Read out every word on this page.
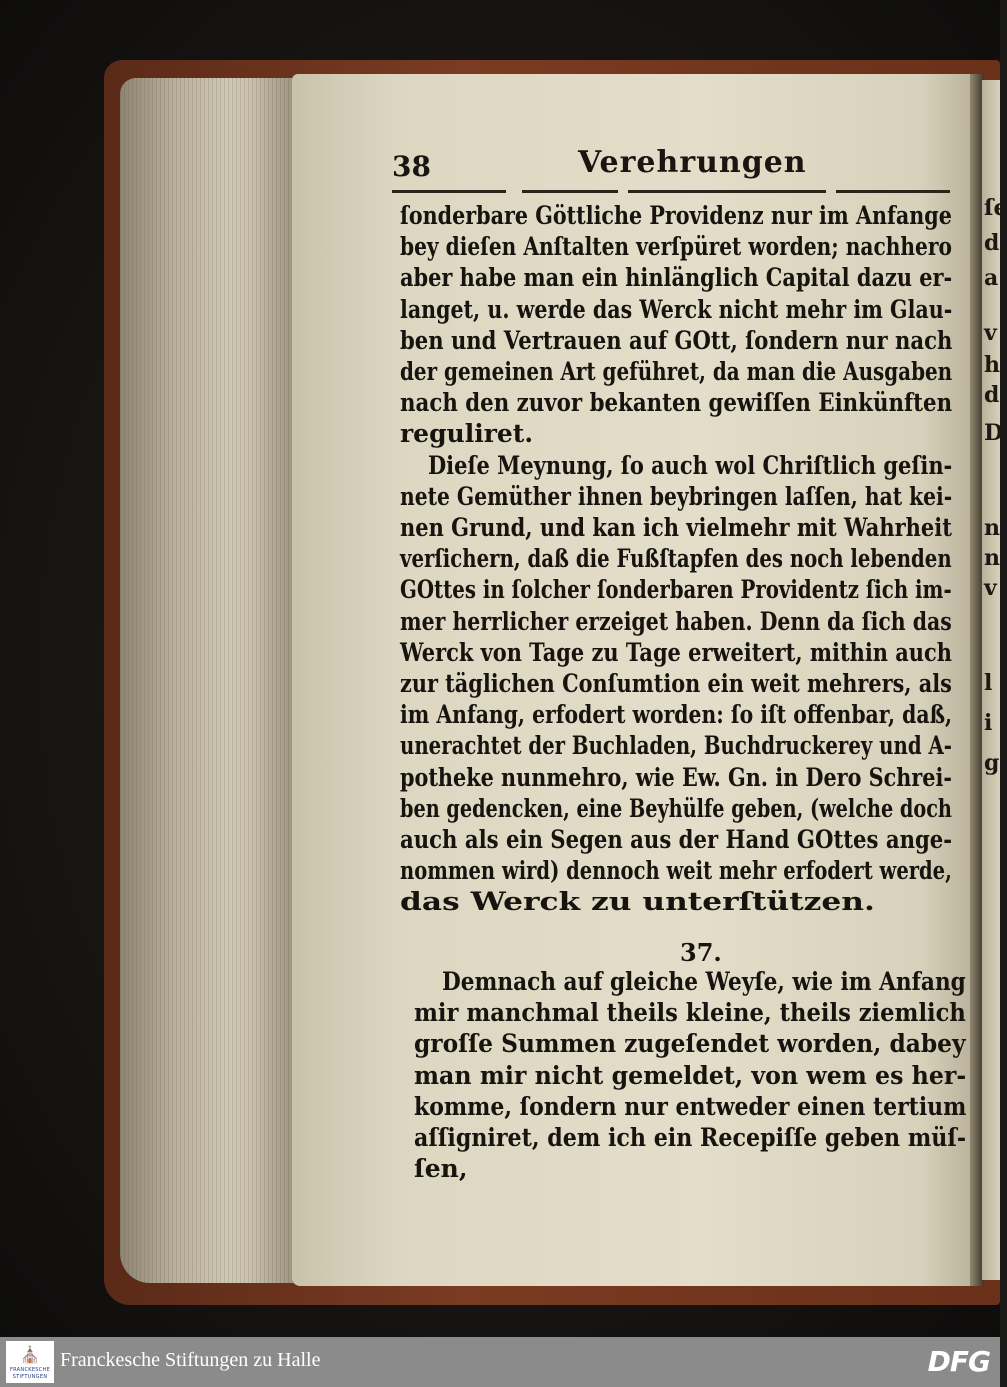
ſe
d
a
v
h
d
D
n
n
v
l
i
g
38	Verehrungen
ſonderbare Göttliche Providenz nur im Anfange
bey dieſen Anſtalten verſpüret worden; nachhero
aber habe man ein hinlänglich Capital dazu er-
langet, u. werde das Werck nicht mehr im Glau-
ben und Vertrauen auf GOtt, ſondern nur nach
der gemeinen Art geführet, da man die Ausgaben
nach den zuvor bekanten gewiſſen Einkünften
reguliret.
Dieſe Meynung, ſo auch wol Chriſtlich geſin-
nete Gemüther ihnen beybringen laſſen, hat kei-
nen Grund, und kan ich vielmehr mit Wahrheit
verſichern, daß die Fußſtapfen des noch lebenden
GOttes in ſolcher ſonderbaren Providentz ſich im-
mer herrlicher erzeiget haben. Denn da ſich das
Werck von Tage zu Tage erweitert, mithin auch
zur täglichen Conſumtion ein weit mehrers, als
im Anfang, erfodert worden: ſo iſt offenbar, daß,
unerachtet der Buchladen, Buchdruckerey und A-
potheke nunmehro, wie Ew. Gn. in Dero Schrei-
ben gedencken, eine Beyhülfe geben, (welche doch
auch als ein Segen aus der Hand GOttes ange-
nommen wird) dennoch weit mehr erfodert werde,
das Werck zu unterſtützen.
37.
Demnach auf gleiche Weyſe, wie im Anfang
mir manchmal theils kleine, theils ziemlich
groſſe Summen zugeſendet worden, dabey
man mir nicht gemeldet, von wem es her-
komme, ſondern nur entweder einen tertium
aſſigniret, dem ich ein Recepiſſe geben müſ-
ſen,
⛪
FRANCKESCHE
STIFTUNGEN
Franckesche Stiftungen zu Halle	DFG
